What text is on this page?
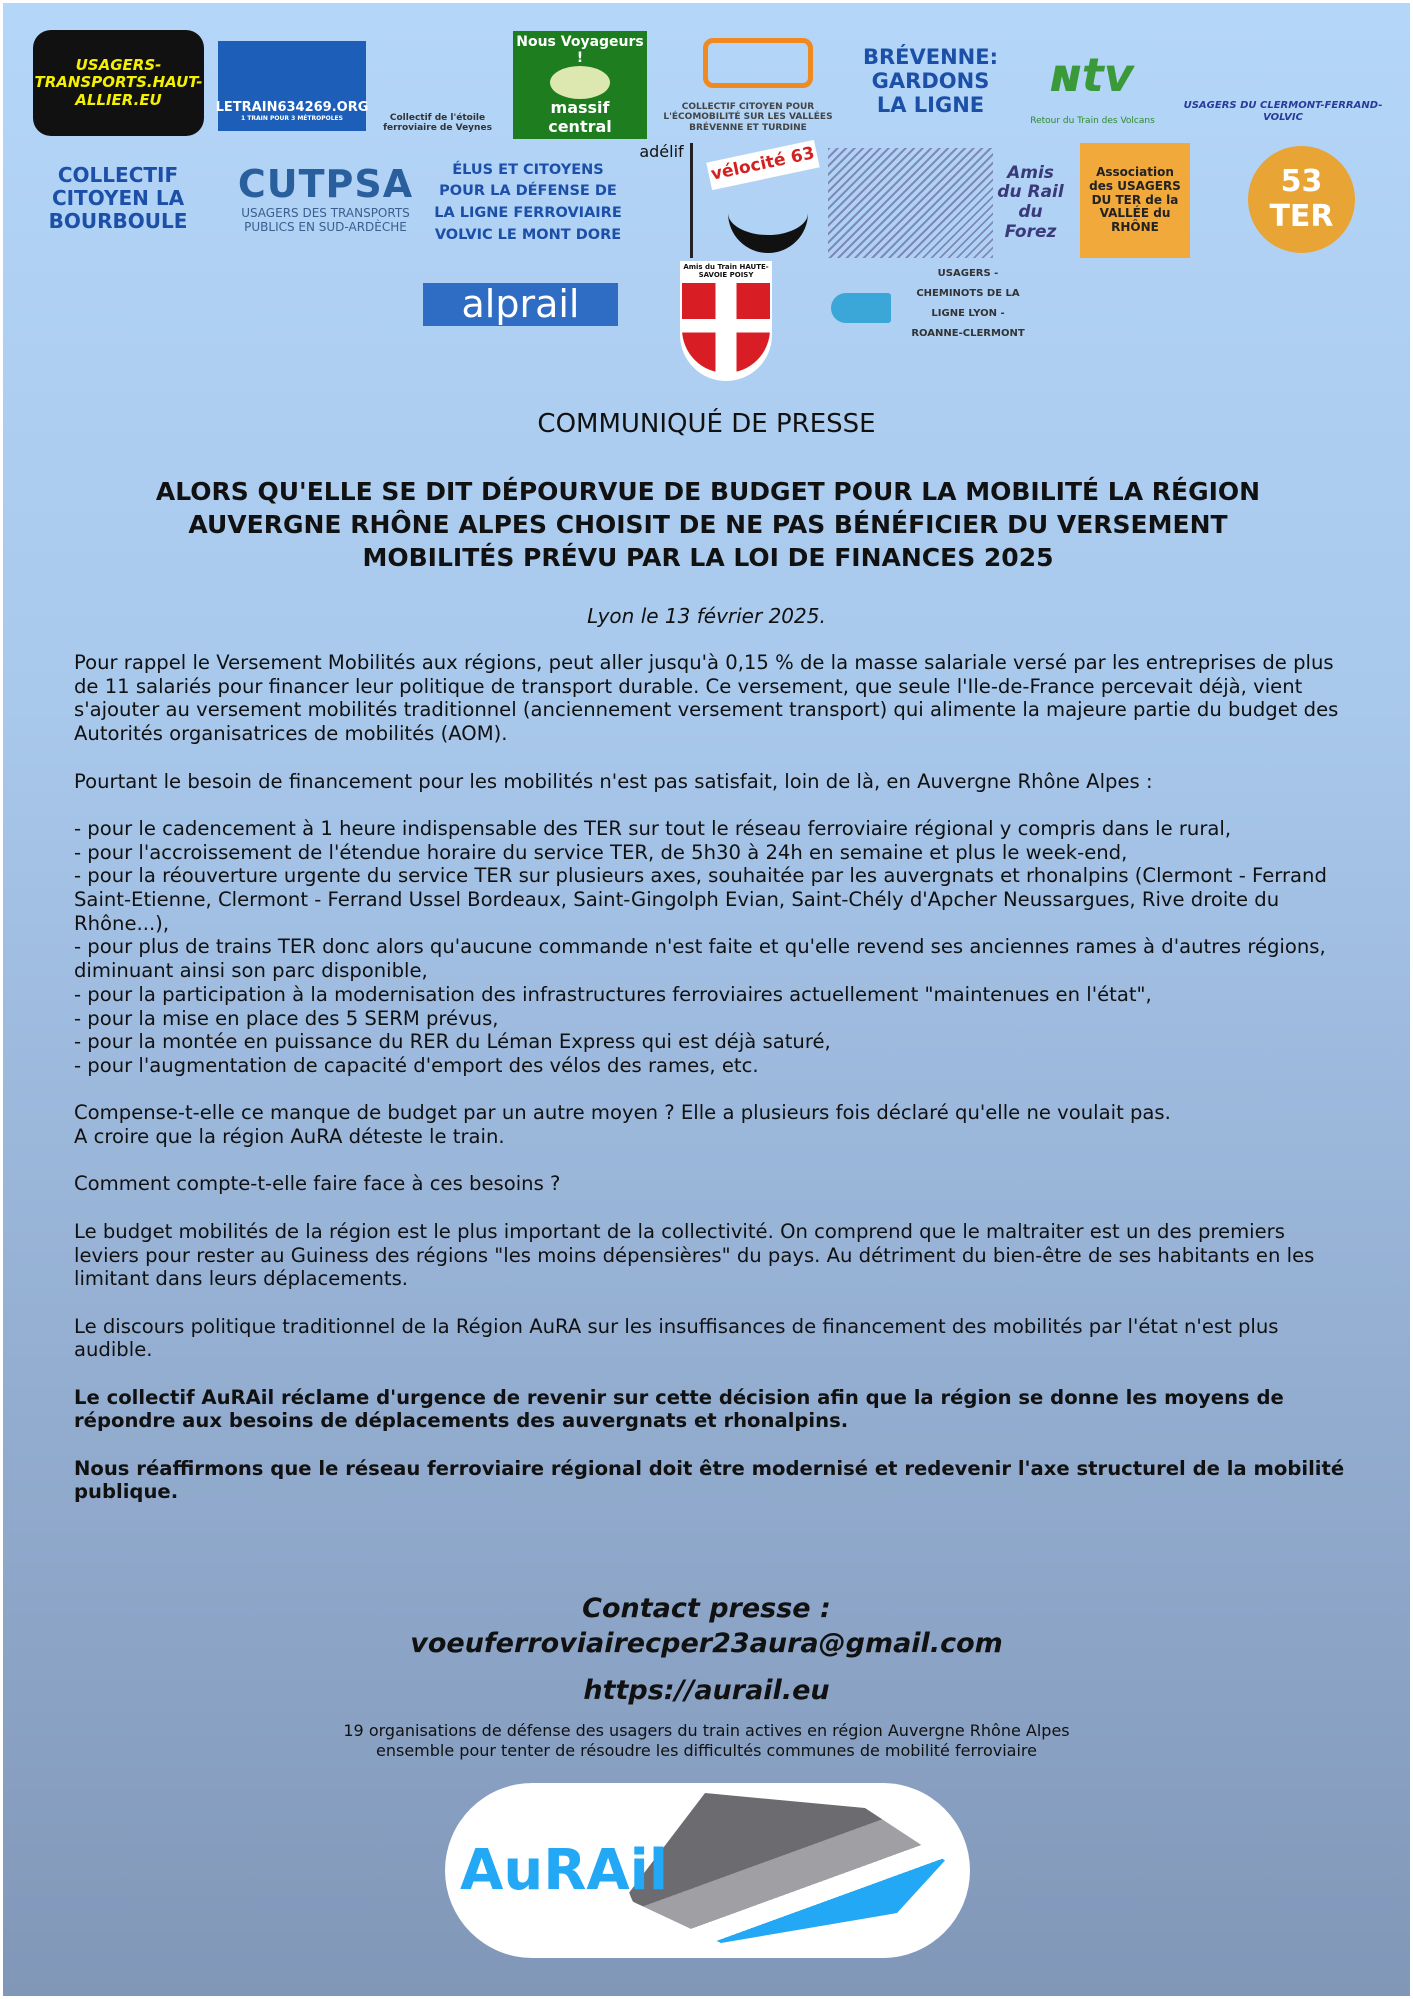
USAGERS-TRANSPORTS.HAUT-ALLIER.EU	LETRAIN634269.ORG
1 TRAIN POUR 3 MÉTROPOLES	Collectif de l'étoile ferroviaire de Veynes
Nous Voyageurs !
massif central
COLLECTIF CITOYEN POUR L'ÉCOMOBILITÉ SUR LES VALLÉES BRÉVENNE ET TURDINE
BRÉVENNE: GARDONS LA LIGNE
Retour du Train des Volcans
ɴtv
USAGERS DU CLERMONT-FERRAND-VOLVIC
COLLECTIF CITOYEN LA BOURBOULE
CUTPSA
USAGERS DES TRANSPORTS PUBLICS EN SUD-ARDÈCHE
ÉLUS ET CITOYENS POUR LA DÉFENSE DE LA LIGNE FERROVIAIRE VOLVIC LE MONT DORE
adélif	vélocité 63	Amis du Rail du Forez
Association des USAGERS DU TER de la VALLÉE du RHÔNE
53 TER
alprail
Amis du Train HAUTE-SAVOIE POISY	USAGERS - CHEMINOTS DE LA LIGNE LYON - ROANNE-CLERMONT
COMMUNIQUÉ DE PRESSE
ALORS QU'ELLE SE DIT DÉPOURVUE DE BUDGET POUR LA MOBILITÉ LA RÉGION AUVERGNE RHÔNE ALPES CHOISIT DE NE PAS BÉNÉFICIER DU VERSEMENT MOBILITÉS PRÉVU PAR LA LOI DE FINANCES 2025
Lyon le 13 février 2025.

Pour rappel le Versement Mobilités aux régions, peut aller jusqu'à 0,15 % de la masse salariale versé par les entreprises de plus de 11 salariés pour financer leur politique de transport durable. Ce versement, que seule l'Ile-de-France percevait déjà, vient s'ajouter au versement mobilités traditionnel (anciennement versement transport) qui alimente la majeure partie du budget des Autorités organisatrices de mobilités (AOM).

Pourtant le besoin de financement pour les mobilités n'est pas satisfait, loin de là, en Auvergne Rhône Alpes :

- pour le cadencement à 1 heure indispensable des TER sur tout le réseau ferroviaire régional y compris dans le rural,
- pour l'accroissement de l'étendue horaire du service TER, de 5h30 à 24h en semaine et plus le week-end,
- pour la réouverture urgente du service TER sur plusieurs axes, souhaitée par les auvergnats et rhonalpins (Clermont - Ferrand Saint-Etienne, Clermont - Ferrand Ussel Bordeaux, Saint-Gingolph Evian, Saint-Chély d'Apcher Neussargues, Rive droite du Rhône...),
- pour plus de trains TER donc alors qu'aucune commande n'est faite et qu'elle revend ses anciennes rames à d'autres régions, diminuant ainsi son parc disponible,
- pour la participation à la modernisation des infrastructures ferroviaires actuellement "maintenues en l'état",
- pour la mise en place des 5 SERM prévus,
- pour la montée en puissance du RER du Léman Express qui est déjà saturé,
- pour l'augmentation de capacité d'emport des vélos des rames, etc.

Compense-t-elle ce manque de budget par un autre moyen ? Elle a plusieurs fois déclaré qu'elle ne voulait pas.
A croire que la région AuRA déteste le train.

Comment compte-t-elle faire face à ces besoins ?

Le budget mobilités de la région est le plus important de la collectivité. On comprend que le maltraiter est un des premiers leviers pour rester au Guiness des régions "les moins dépensières" du pays. Au détriment du bien-être de ses habitants en les limitant dans leurs déplacements.

Le discours politique traditionnel de la Région AuRA sur les insuffisances de financement des mobilités par l'état n'est plus audible.

Le collectif AuRAil réclame d'urgence de revenir sur cette décision afin que la région se donne les moyens de répondre aux besoins de déplacements des auvergnats et rhonalpins.

Nous réaffirmons que le réseau ferroviaire régional doit être modernisé et redevenir l'axe structurel de la mobilité publique.

Contact presse :
voeuferroviairecper23aura@gmail.com
https://aurail.eu
19 organisations de défense des usagers du train actives en région Auvergne Rhône Alpes
ensemble pour tenter de résoudre les difficultés communes de mobilité ferroviaire
AuRAil
